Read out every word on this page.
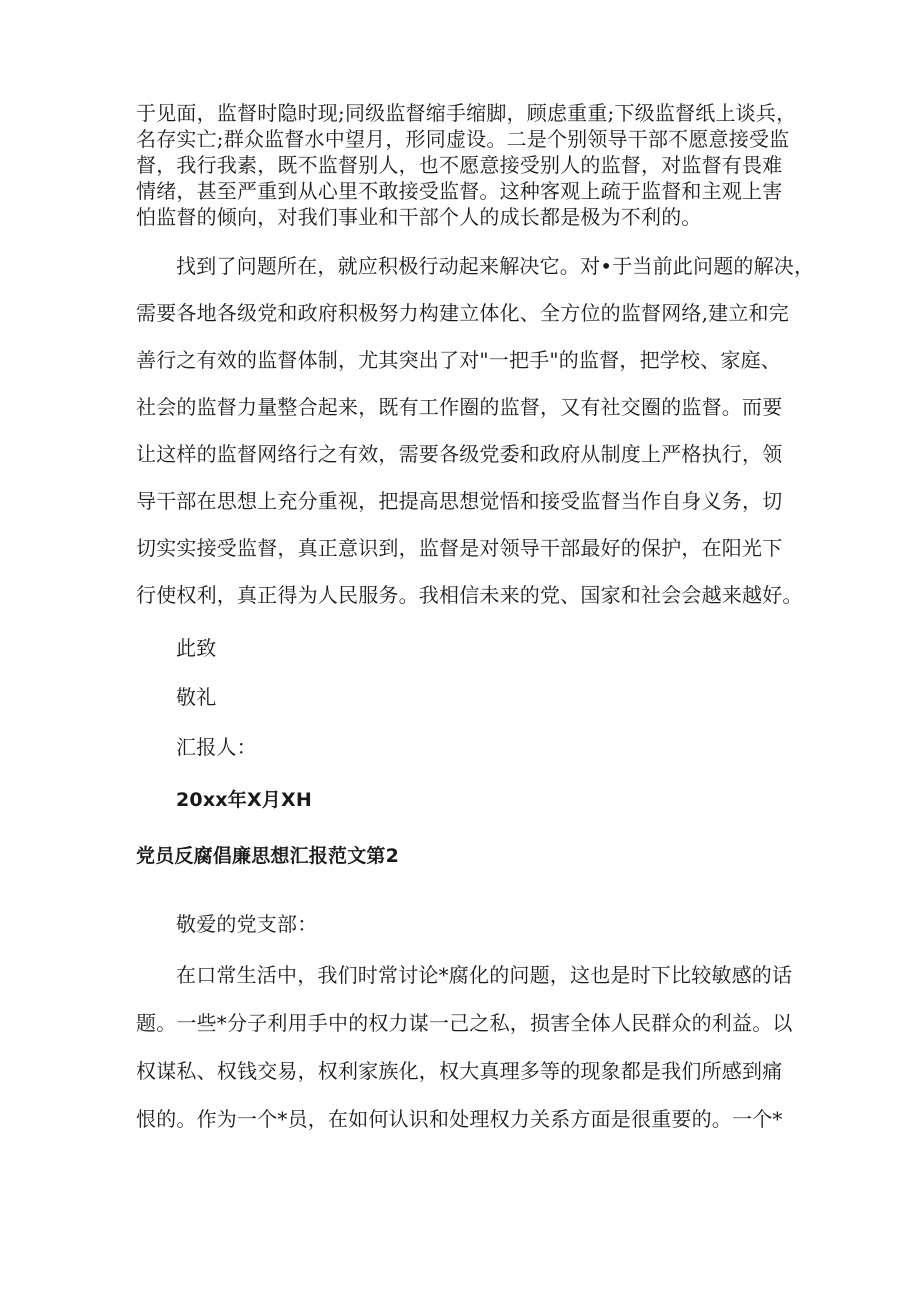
于见面，监督时隐时现;同级监督缩手缩脚，顾虑重重;下级监督纸上谈兵，
名存实亡;群众监督水中望月，形同虚设。二是个别领导干部不愿意接受监
督，我行我素，既不监督别人，也不愿意接受别人的监督，对监督有畏难
情绪，甚至严重到从心里不敢接受监督。这种客观上疏于监督和主观上害
怕监督的倾向，对我们事业和干部个人的成长都是极为不利的。
找到了问题所在，就应积极行动起来解决它。对•于当前此问题的解决，
需要各地各级党和政府积极努力构建立体化、全方位的监督网络,建立和完
善行之有效的监督体制，尤其突出了对"一把手"的监督，把学校、家庭、
社会的监督力量整合起来，既有工作圈的监督，又有社交圈的监督。而要
让这样的监督网络行之有效，需要各级党委和政府从制度上严格执行，领
导干部在思想上充分重视，把提高思想觉悟和接受监督当作自身义务，切
切实实接受监督，真正意识到，监督是对领导干部最好的保护，在阳光下
行使权利，真正得为人民服务。我相信未来的党、国家和社会会越来越好。
此致
敬礼
汇报人：
20xx年X月XH
党员反腐倡廉思想汇报范文第2
敬爱的党支部：
在口常生活中，我们时常讨论*腐化的问题，这也是时下比较敏感的话
题。一些*分子利用手中的权力谋一己之私，损害全体人民群众的利益。以
权谋私、权钱交易，权利家族化，权大真理多等的现象都是我们所感到痛
恨的。作为一个*员，在如何认识和处理权力关系方面是很重要的。一个*
